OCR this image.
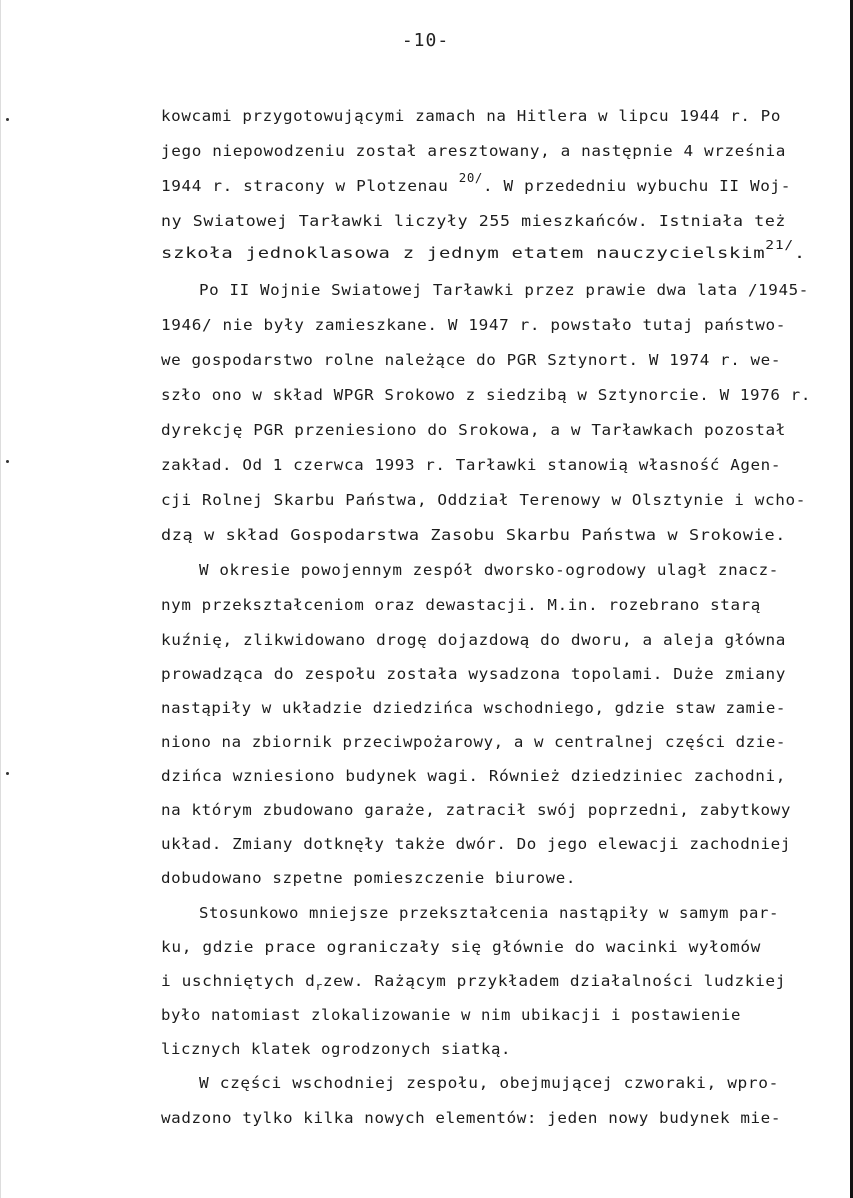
-10-
kowcami przygotowującymi zamach na Hitlera w lipcu 1944 r. Po
jego niepowodzeniu został aresztowany, a następnie 4 września
1944 r. stracony w Plotzenau $^{20/}$. W przededniu wybuchu II Woj-
ny Swiatowej Tarławki liczyły 255 mieszkańców. Istniała też
szkoła jednoklasowa z jednym etatem nauczycielskim$^{21/}$.
Po II Wojnie Swiatowej Tarławki przez prawie dwa lata /1945-
1946/ nie były zamieszkane. W 1947 r. powstało tutaj państwo-
we gospodarstwo rolne należące do PGR Sztynort. W 1974 r. we-
szło ono w skład WPGR Srokowo z siedzibą w Sztynorcie. W 1976 r.
dyrekcję PGR przeniesiono do Srokowa, a w Tarławkach pozostał
zakład. Od 1 czerwca 1993 r. Tarławki stanowią własność Agen-
cji Rolnej Skarbu Państwa, Oddział Terenowy w Olsztynie i wcho-
dzą w skład Gospodarstwa Zasobu Skarbu Państwa w Srokowie.
W okresie powojennym zespół dworsko-ogrodowy ulagł znacz-
nym przekształceniom oraz dewastacji. M.in. rozebrano starą
kuźnię, zlikwidowano drogę dojazdową do dworu, a aleja główna
prowadząca do zespołu została wysadzona topolami. Duże zmiany
nastąpiły w układzie dziedzińca wschodniego, gdzie staw zamie-
niono na zbiornik przeciwpożarowy, a w centralnej części dzie-
dzińca wzniesiono budynek wagi. Również dziedziniec zachodni,
na którym zbudowano garaże, zatracił swój poprzedni, zabytkowy
układ. Zmiany dotknęły także dwór. Do jego elewacji zachodniej
dobudowano szpetne pomieszczenie biurowe.
Stosunkowo mniejsze przekształcenia nastąpiły w samym par-
ku, gdzie prace ograniczały się głównie do wacinki wyłomów
i uschniętych $d_rzew$. Rażącym przykładem działalności ludzkiej
było natomiast zlokalizowanie w nim ubikacji i postawienie
licznych klatek ogrodzonych siatką.
W części wschodniej zespołu, obejmującej czworaki, wpro-
wadzono tylko kilka nowych elementów: jeden nowy budynek mie-
